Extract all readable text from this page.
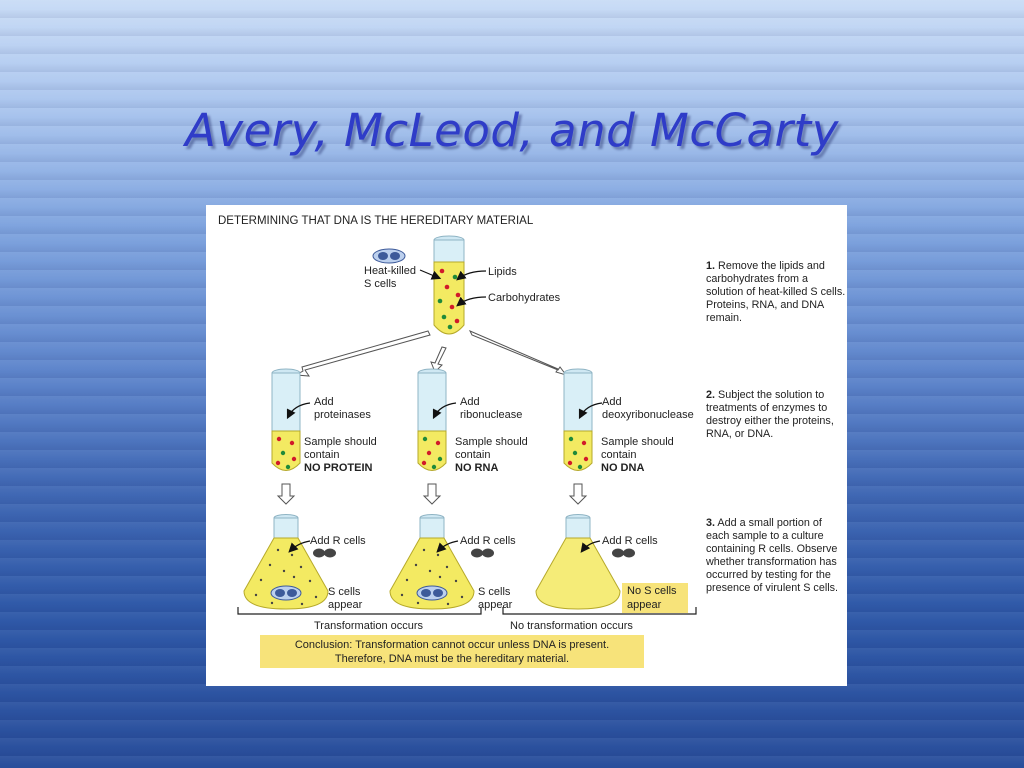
Avery, McLeod, and McCarty
DETERMINING THAT DNA IS THE HEREDITARY MATERIAL
Heat-killed
S cells
Lipids
Carbohydrates
Add
proteinases
Sample should
contain
NO PROTEIN
Add
ribonuclease
Sample should
contain
NO RNA
Add
deoxyribonuclease
Sample should
contain
NO DNA
Add R cells	Add R cells	Add R cells
S cells
appear
S cells
appear
Transformation occurs	No transformation occurs
No S cells
appear
1. Remove the lipids and carbohydrates from a solution of heat-killed S cells. Proteins, RNA, and DNA remain.
2. Subject the solution to treatments of enzymes to destroy either the proteins, RNA, or DNA.
3. Add a small portion of each sample to a culture containing R cells. Observe whether transformation has occurred by testing for the presence of virulent S cells.
Conclusion: Transformation cannot occur unless DNA is present.
Therefore, DNA must be the hereditary material.
